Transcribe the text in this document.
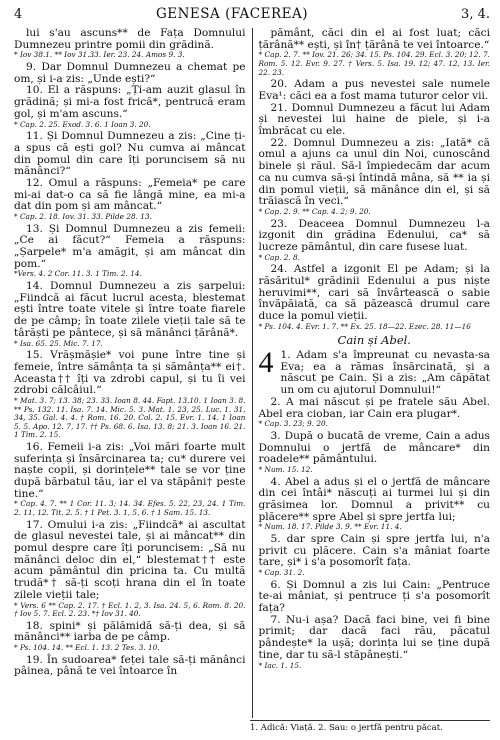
4	GENESA (FACEREA)	3, 4.

lui s'au ascuns** de Fața Domnului Dumnezeu printre pomii din grădină.

* Iov 38.1. ** Iov 31.33. Ier. 23. 24. Amos 9. 3.

9. Dar Domnul Dumnezeu a chemat pe om, și i-a zis: „Unde ești?“

10. El a răspuns: „Ți-am auzit glasul în grădină; și mi-a fost frică*, pentrucă eram gol, și m'am ascuns.“

* Cap. 2. 25. Exod. 3. 6. 1 Ioan 3. 20.

11. Și Domnul Dumnezeu a zis: „Cine ți-a spus că ești gol? Nu cumva ai mâncat din pomul din care îți poruncisem să nu mănânci?“

12. Omul a răspuns: „Femeia* pe care mi-ai dat-o ca să fie lângă mine, ea mi-a dat din pom și am mâncat.“

* Cap. 2. 18. Iov. 31. 33. Pilde 28. 13.

13. Și Domnul Dumnezeu a zis femeii: „Ce ai făcut?“ Femeia a răspuns: „Șarpele* m'a amăgit, și am mâncat din pom.“

*Vers. 4. 2 Cor. 11. 3. 1 Tim. 2. 14.

14. Domnul Dumnezeu a zis șarpelui: „Fiindcă ai făcut lucrul acesta, blestemat ești între toate vitele și între toate fiarele de pe câmp; în toate zilele vieții tale să te târăști pe pântece, și să mănânci țărână*.

* Isa. 65. 25. Mic. 7. 17.

15. Vrășmășie* voi pune între tine și femeie, între sămânța ta și sămânța** ei†. Aceasta†† îți va zdrobi capul, și tu îi vei zdrobi călcâiul.“

* Mat. 3. 7; 13. 38; 23. 33. Ioan 8. 44. Fapt. 13.10. 1 Ioan 3. 8. ** Ps. 132. 11. Isa. 7. 14. Mic. 5. 3. Mat. 1. 23, 25. Luc. 1. 31, 34, 35. Gal. 4. 4. † Rom. 16. 20. Col. 2. 15. Evr. 1. 14. 1 Ioan 5. 5. Apo. 12. 7, 17. †† Ps. 68. 6. Isa. 13. 8; 21. 3. Ioan 16. 21. 1 Tim. 2. 15.

16. Femeii i-a zis: „Voi mări foarte mult suferința și însărcinarea ta; cu* durere vei naște copii, și dorințele** tale se vor ține după bărbatul tău, iar el va stăpâni† peste tine.“

* Cap. 4. 7. ** 1 Cor. 11. 3; 14. 34. Efes. 5. 22, 23, 24. 1 Tim. 2. 11, 12. Tit. 2. 5. † 1 Pet. 3. 1, 5, 6. † 1 Sam. 15. 13.

17. Omului i-a zis: „Fiindcă* ai ascultat de glasul nevestei tale, și ai mâncat** din pomul despre care îți poruncisem: „Să nu mănânci deloc din el,“ blestemat†† este acum pământul din pricina ta. Cu multă trudă*† să-ți scoți hrana din el în toate zilele vieții tale;

* Vers. 6 ** Cap. 2. 17. † Ecl. 1. 2, 3. Isa. 24. 5, 6. Rom. 8. 20. † Iov 5. 7. Ecl. 2. 23. *† Iov 31. 40.

18. spini* și pălămidă să-ți dea, și să mănânci** iarba de pe câmp.

* Ps. 104. 14. ** Ecl. 1. 13. 2 Tes. 3. 10.

19. În sudoarea* feței tale să-ți mănânci pâinea, până te vei întoarce în

pământ, căci din el ai fost luat; căci țărână** ești, și în† țărână te vei întoarce.“

* Cap. 2. 7. ** Iov. 21. 26; 34. 15. Ps. 104. 29. Ecl. 3. 20; 12. 7. Rom. 5. 12. Evr. 9. 27. † Vers. 5. Isa. 19. 12; 47. 12, 13. Ier. 22. 23.

20. Adam a pus nevestei sale numele Eva¹: căci ea a fost mama tuturor celor vii.

21. Domnul Dumnezeu a făcut lui Adam și nevestei lui haine de piele, și i-a îmbrăcat cu ele.

22. Domnul Dumnezeu a zis: „Iată* că omul a ajuns ca unul din Noi, cunoscând binele și răul. Să-l împiedecăm dar acum ca nu cumva să-și întindă mâna, să ** ia și din pomul vieții, să mănânce din el, și să trăiască în veci.“

* Cap. 2. 9. ** Cap. 4. 2; 9. 20.

23. Deaceea Domnul Dumnezeu l-a izgonit din grădina Edenului, ca* să lucreze pământul, din care fusese luat.

* Cap. 2. 8.

24. Astfel a izgonit El pe Adam; și la răsăritul* grădinii Edenului a pus niște heruvimi**, cari să învârtească o sabie învăpăiată, ca să păzească drumul care duce la pomul vieții.

* Ps. 104. 4. Evr. 1. 7. ** Ex. 25. 18—22. Ezec. 28. 11—16

Cain și Abel.

4 1. Adam s'a împreunat cu nevasta-sa Eva; ea a rămas însărcinată, și a născut pe Cain. Și a zis: „Am căpătat un om cu ajutorul Domnului!“

2. A mai născut și pe fratele său Abel. Abel era cioban, iar Cain era plugar*.

* Cap. 3. 23; 9. 20.

3. După o bucată de vreme, Cain a adus Domnului o jertfă de mâncare* din roadele** pământului.

* Num. 15. 12.

4. Abel a adus și el o jertfă de mâncare din cei întâi* născuți ai turmei lui și din grăsimea lor. Domnul a privit** cu plăcere** spre Abel și spre jertfa lui;

* Num. 18. 17. Pilde 3. 9. ** Evr. 11. 4.

5. dar spre Cain și spre jertfa lui, n'a privit cu plăcere. Cain s'a mâniat foarte tare, și* i s'a posomorît fața.

* Cap. 31. 2.

6. Și Domnul a zis lui Cain: „Pentruce te-ai mâniat, și pentruce ți s'a posomorît fața?

7. Nu-i așa? Dacă faci bine, vei fi bine primit; dar dacă faci rău, păcatul pândește* la ușă; dorința lui se ține după tine, dar tu să-l stăpânești.“

* Iac. 1. 15.

1. Adică: Viață. 2. Sau: o jertfă pentru păcat.
